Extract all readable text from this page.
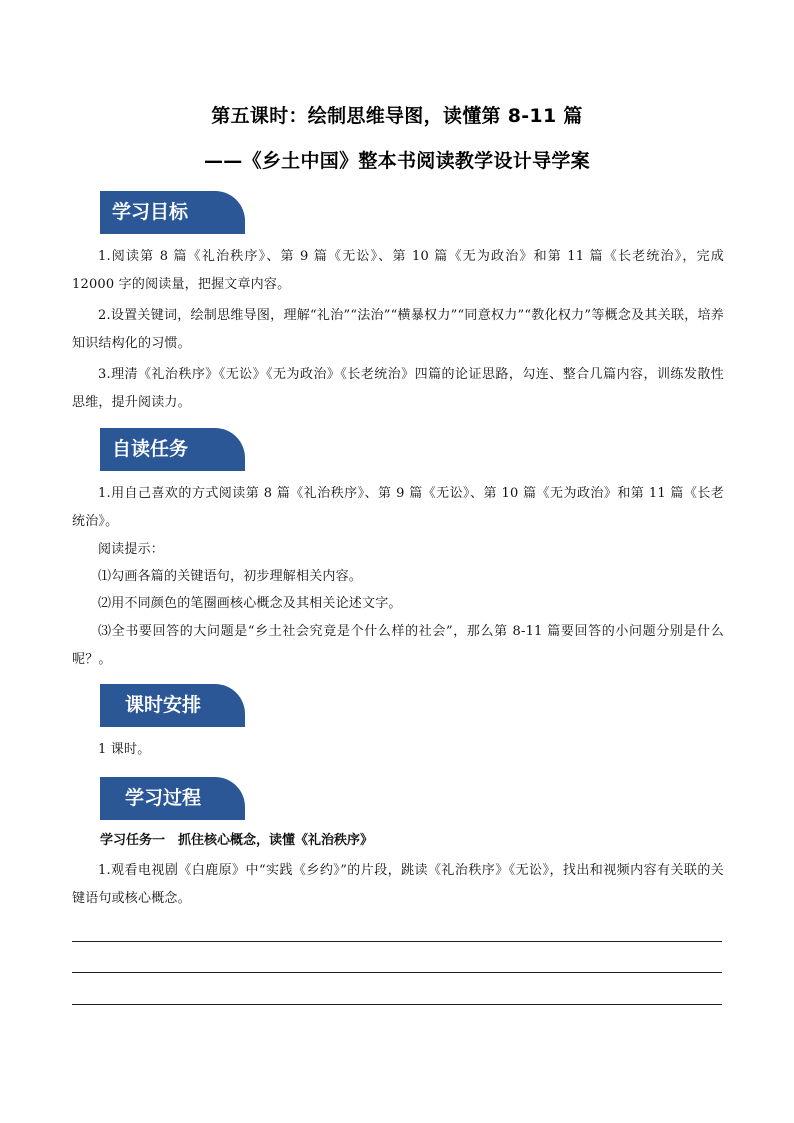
第五课时：绘制思维导图，读懂第 8-11 篇
——《乡土中国》整本书阅读教学设计导学案
学习目标

1.阅读第 8 篇《礼治秩序》、第 9 篇《无讼》、第 10 篇《无为政治》和第 11 篇《长老统治》，完成 12000 字的阅读量，把握文章内容。

2.设置关键词，绘制思维导图，理解“礼治”“法治”“横暴权力”“同意权力”“教化权力”等概念及其关联，培养知识结构化的习惯。

3.理清《礼治秩序》《无讼》《无为政治》《长老统治》四篇的论证思路，勾连、整合几篇内容，训练发散性思维，提升阅读力。

自读任务

1.用自己喜欢的方式阅读第 8 篇《礼治秩序》、第 9 篇《无讼》、第 10 篇《无为政治》和第 11 篇《长老统治》。

阅读提示：

⑴勾画各篇的关键语句，初步理解相关内容。

⑵用不同颜色的笔圈画核心概念及其相关论述文字。

⑶全书要回答的大问题是“乡土社会究竟是个什么样的社会”，那么第 8-11 篇要回答的小问题分别是什么呢？。

课时安排

1 课时。

学习过程
学习任务一　抓住核心概念，读懂《礼治秩序》

1.观看电视剧《白鹿原》中“实践《乡约》”的片段，跳读《礼治秩序》《无讼》，找出和视频内容有关联的关键语句或核心概念。
